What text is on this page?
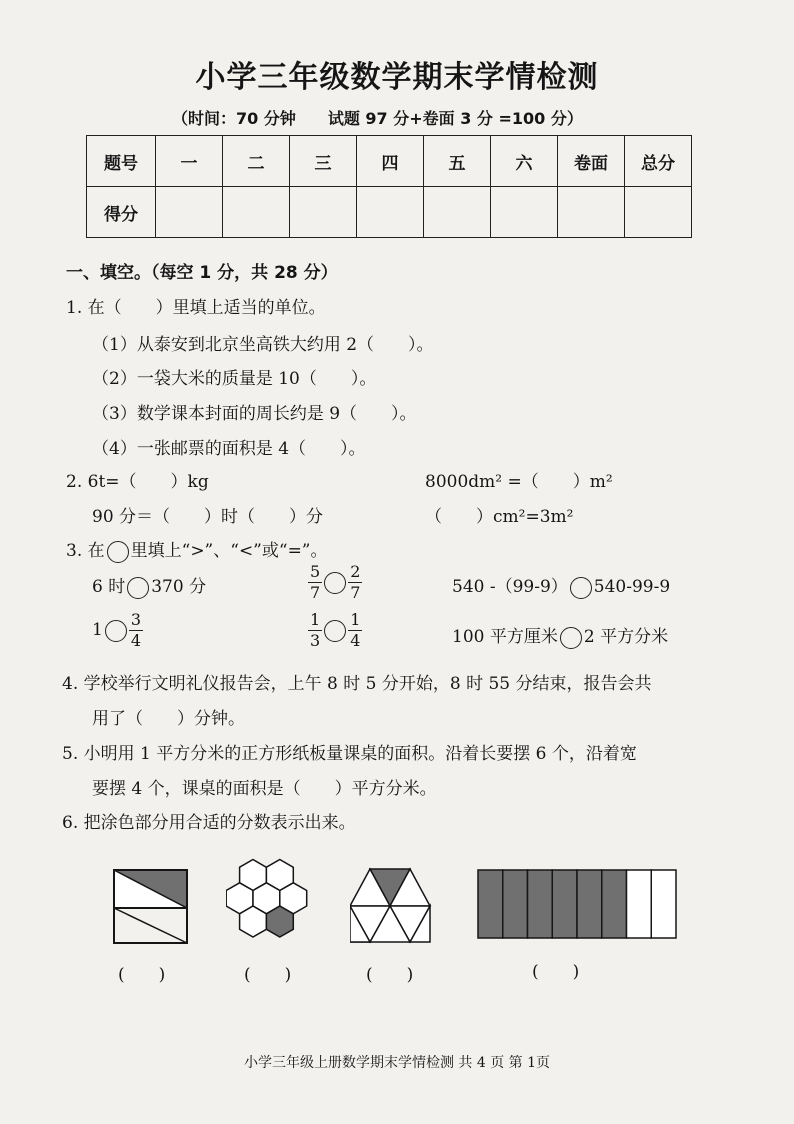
小学三年级数学期末学情检测
（时间：70 分钟　　试题 97 分+卷面 3 分 =100 分）
题号	一	二	三	四	五	六	卷面	总分
得分								
一、填空。（每空 1 分，共 28 分）
1. 在（　　）里填上适当的单位。
（1）从泰安到北京坐高铁大约用 2（　　）。
（2）一袋大米的质量是 10（　　）。
（3）数学课本封面的周长约是 9（　　）。
（4）一张邮票的面积是 4（　　）。
2. 6t=（　　）kg	8000dm² =（　　）m²
90 分＝（　　）时（　　）分	（　　）cm²=3m²
3. 在 里填上“>”、“<”或“=”。
6 时 370 分	$\frac{5}{7} \frac{2}{7}$	540 -（99-9） 540-99-9
$1 \frac{3}{4}$	$\frac{1}{3} \frac{1}{4}$	100 平方厘米 2 平方分米
4. 学校举行文明礼仪报告会，上午 8 时 5 分开始，8 时 55 分结束，报告会共
用了（　　）分钟。
5. 小明用 1 平方分米的正方形纸板量课桌的面积。沿着长要摆 6 个，沿着宽
要摆 4 个，课桌的面积是（　　）平方分米。
6. 把涂色部分用合适的分数表示出来。
(　　)	(　　)	(　　)	(　　)
小学三年级上册数学期末学情检测 共 4 页 第 1页
